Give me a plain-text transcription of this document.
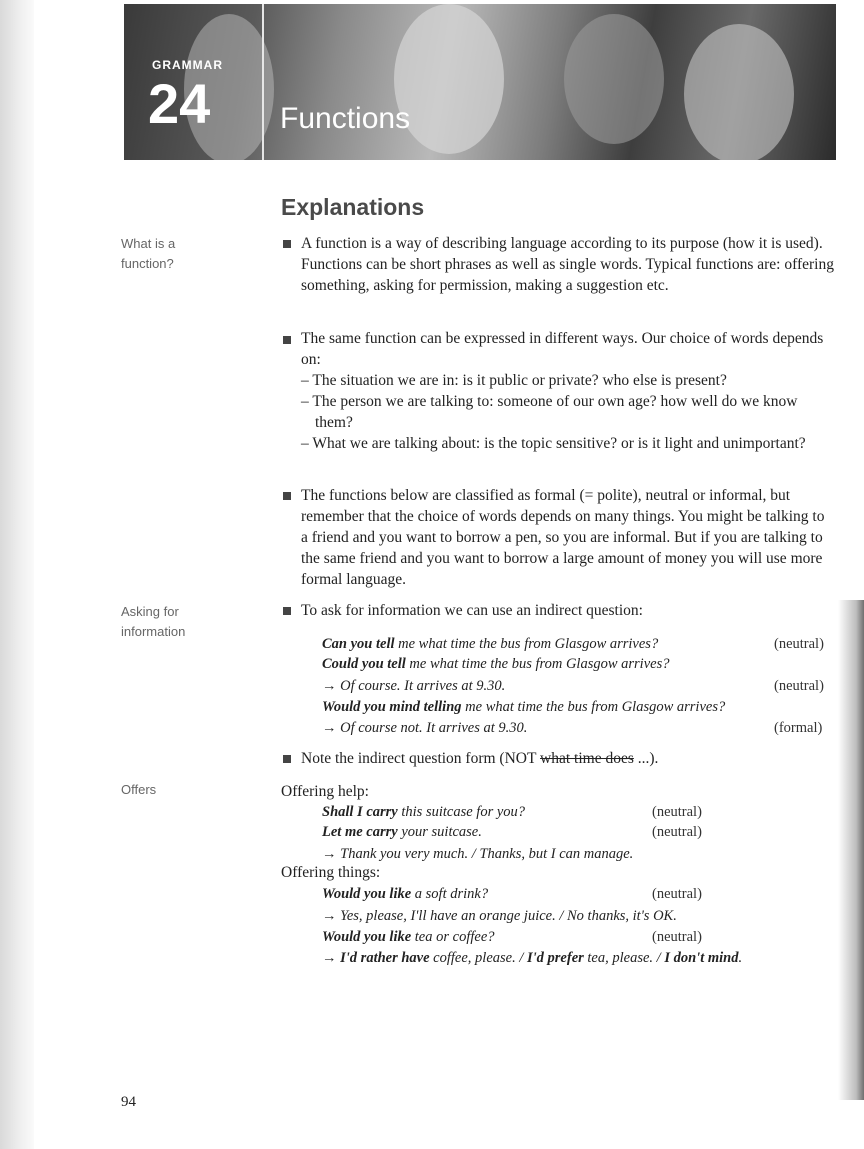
GRAMMAR
24 Functions
Explanations
What is a
function?
Asking for
information
Offers
A function is a way of describing language according to its purpose (how it is used). Functions can be short phrases as well as single words. Typical functions are: offering something, asking for permission, making a suggestion etc.
The same function can be expressed in different ways. Our choice of words depends on:
– The situation we are in: is it public or private? who else is present?
– The person we are talking to: someone of our own age? how well do we know them?
– What we are talking about: is the topic sensitive? or is it light and unimportant?
The functions below are classified as formal (= polite), neutral or informal, but remember that the choice of words depends on many things. You might be talking to a friend and you want to borrow a pen, so you are informal. But if you are talking to the same friend and you want to borrow a large amount of money you will use more formal language.
To ask for information we can use an indirect question:
Can you tell me what time the bus from Glasgow arrives?	(neutral)
Could you tell me what time the bus from Glasgow arrives?
→ Of course. It arrives at 9.30.	(neutral)
Would you mind telling me what time the bus from Glasgow arrives?
→ Of course not. It arrives at 9.30.	(formal)
Note the indirect question form (NOT what time does ...).
Offering help:
Shall I carry this suitcase for you?	(neutral)
Let me carry your suitcase.	(neutral)
→ Thank you very much. / Thanks, but I can manage.
Offering things:
Would you like a soft drink?	(neutral)
→ Yes, please, I'll have an orange juice. / No thanks, it's OK.
Would you like tea or coffee?	(neutral)
→ I'd rather have coffee, please. / I'd prefer tea, please. / I don't mind.
94
